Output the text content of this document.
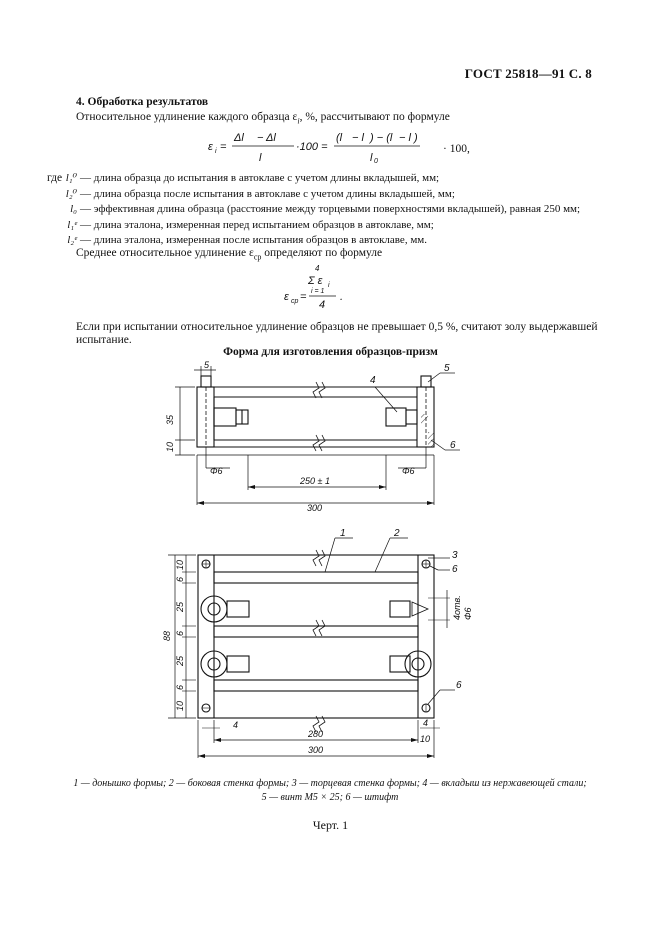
ГОСТ 25818—91 С. 8
4. Обработка результатов
Относительное удлинение каждого образца $\varepsilon_i$, %, рассчитывают по формуле
ε i =
Δl − Δl
l
·100 =
(l − l ) − (l − l )
l 0
· 100,
где l₁⁰ — длина образца до испытания в автоклаве с учетом длины вкладышей, мм;
l₂⁰ — длина образца после испытания в автоклаве с учетом длины вкладышей, мм;
l₀ — эффективная длина образца (расстояние между торцевыми поверхностями вкладышей), равная 250 мм;
l₁ᵉ — длина эталона, измеренная перед испытанием образцов в автоклаве, мм;
l₂ᵉ — длина эталона, измеренная после испытания образцов в автоклаве, мм.
Среднее относительное удлинение $\varepsilon_{ср}$ определяют по формуле
4
Σ ε i
i = 1
ε ср =
4
.
Если при испытании относительное удлинение образцов не превышает 0,5 %, считают золу выдержавшей
испытание.
Форма для изготовления образцов-призм
5
35
10
Φ6	Φ6
250 ± 1
300
4
5
6
1	2
3
6
6
10
6
25
6
25
6
10
88
4отв. Φ6
4	4
280
300
10
1 — донышко формы; 2 — боковая стенка формы; 3 — торцевая стенка формы; 4 — вкладыш из нержавеющей стали;
5 — винт М5 × 25; 6 — штифт
Черт. 1
